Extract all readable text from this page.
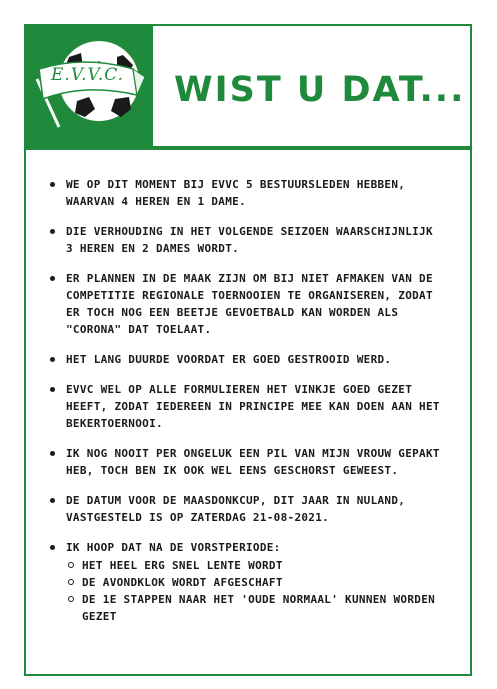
E.V.V.C. WIST U DAT...
WE OP DIT MOMENT BIJ EVVC 5 BESTUURSLEDEN HEBBEN, WAARVAN 4 HEREN EN 1 DAME.
DIE VERHOUDING IN HET VOLGENDE SEIZOEN WAARSCHIJNLIJK 3 HEREN EN 2 DAMES WORDT.
ER PLANNEN IN DE MAAK ZIJN OM BIJ NIET AFMAKEN VAN DE COMPETITIE REGIONALE TOERNOOIEN TE ORGANISEREN, ZODAT ER TOCH NOG EEN BEETJE GEVOETBALD KAN WORDEN ALS "CORONA" DAT TOELAAT.
HET LANG DUURDE VOORDAT ER GOED GESTROOID WERD.
EVVC WEL OP ALLE FORMULIEREN HET VINKJE GOED GEZET HEEFT, ZODAT IEDEREEN IN PRINCIPE MEE KAN DOEN AAN HET BEKERTOERNOOI.
IK NOG NOOIT PER ONGELUK EEN PIL VAN MIJN VROUW GEPAKT HEB, TOCH BEN IK OOK WEL EENS GESCHORST GEWEEST.
DE DATUM VOOR DE MAASDONKCUP, DIT JAAR IN NULAND, VASTGESTELD IS OP ZATERDAG 21-08-2021.
IK HOOP DAT NA DE VORSTPERIODE:
HET HEEL ERG SNEL LENTE WORDT
DE AVONDKLOK WORDT AFGESCHAFT
DE 1E STAPPEN NAAR HET 'OUDE NORMAAL' KUNNEN WORDEN GEZET
